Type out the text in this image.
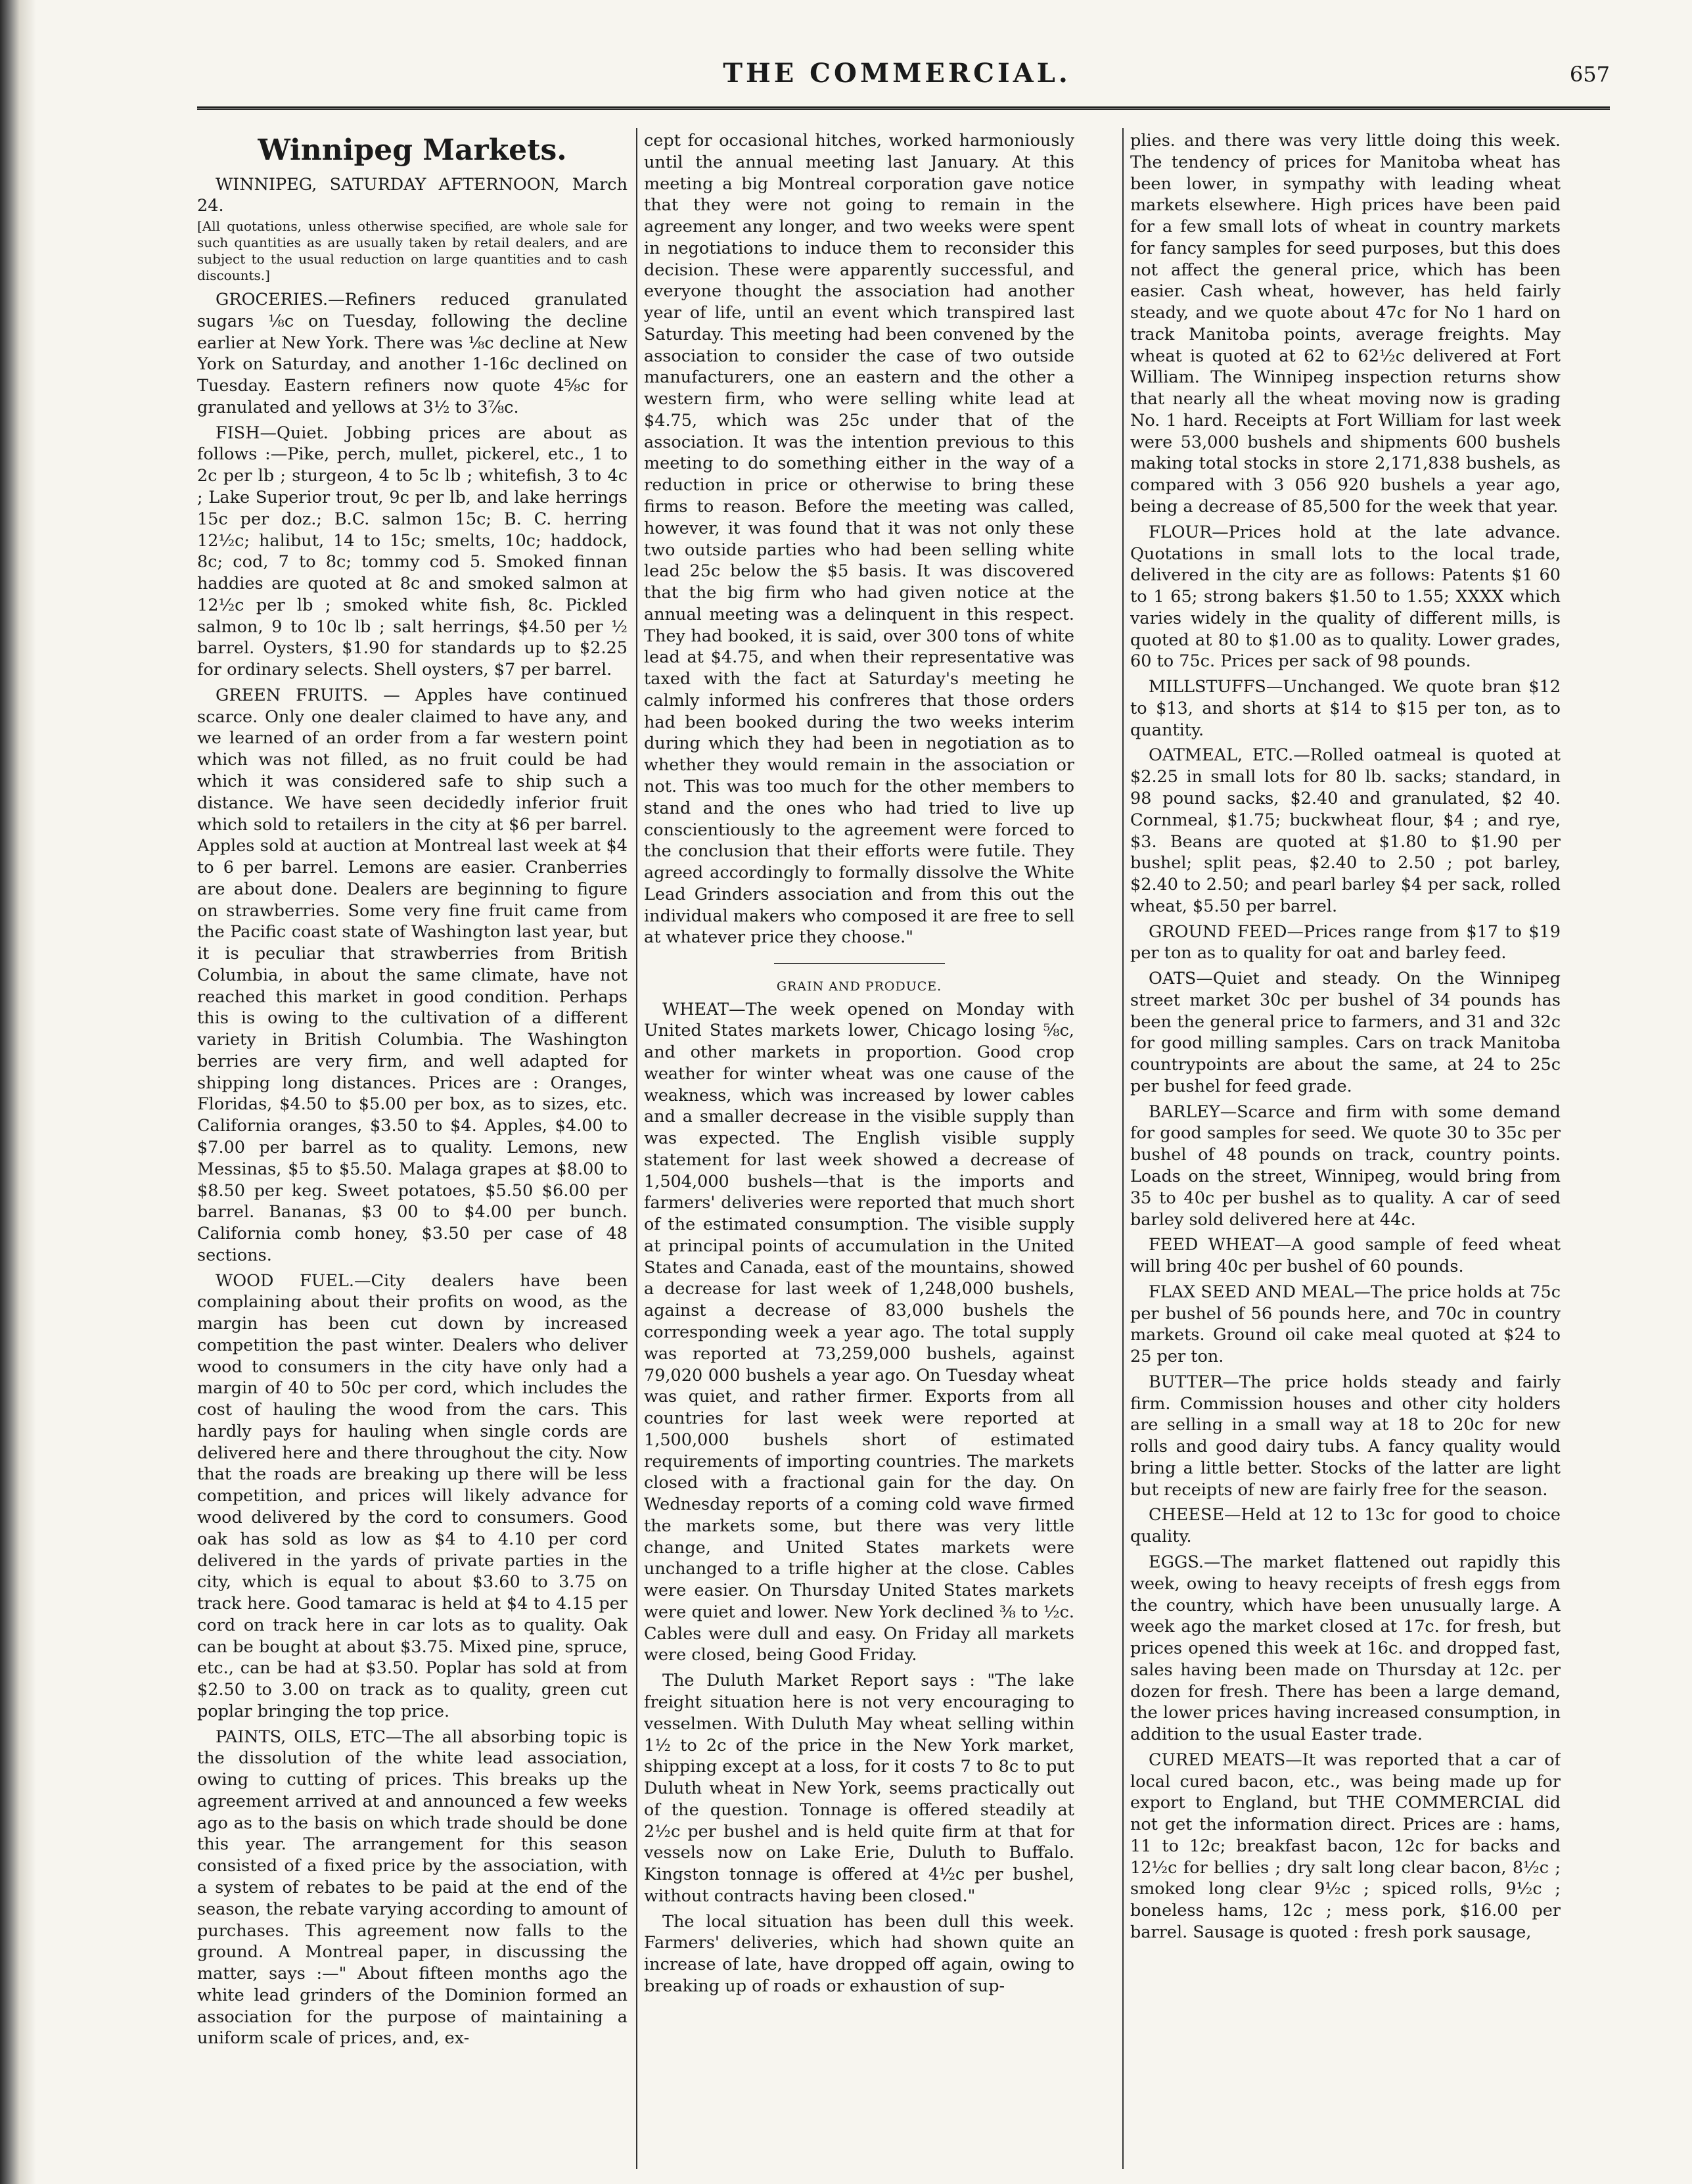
THE COMMERCIAL.	657
Winnipeg Markets.

WINNIPEG, SATURDAY AFTERNOON, March 24.

[All quotations, unless otherwise specified, are whole sale for such quantities as are usually taken by retail dealers, and are subject to the usual reduction on large quantities and to cash discounts.]

GROCERIES.—Refiners reduced granulated sugars ⅛c on Tuesday, following the decline earlier at New York. There was ⅛c decline at New York on Saturday, and another 1-16c declined on Tuesday. Eastern refiners now quote 4⅝c for granulated and yellows at 3½ to 3⅞c.

FISH—Quiet. Jobbing prices are about as follows :—Pike, perch, mullet, pickerel, etc., 1 to 2c per lb ; sturgeon, 4 to 5c lb ; whitefish, 3 to 4c ; Lake Superior trout, 9c per lb, and lake herrings 15c per doz.; B.C. salmon 15c; B. C. herring 12½c; halibut, 14 to 15c; smelts, 10c; haddock, 8c; cod, 7 to 8c; tommy cod 5. Smoked finnan haddies are quoted at 8c and smoked salmon at 12½c per lb ; smoked white fish, 8c. Pickled salmon, 9 to 10c lb ; salt herrings, $4.50 per ½ barrel. Oysters, $1.90 for standards up to $2.25 for ordinary selects. Shell oysters, $7 per barrel.

GREEN FRUITS. — Apples have continued scarce. Only one dealer claimed to have any, and we learned of an order from a far western point which was not filled, as no fruit could be had which it was considered safe to ship such a distance. We have seen decidedly inferior fruit which sold to retailers in the city at $6 per barrel. Apples sold at auction at Montreal last week at $4 to 6 per barrel. Lemons are easier. Cranberries are about done. Dealers are beginning to figure on strawberries. Some very fine fruit came from the Pacific coast state of Washington last year, but it is peculiar that strawberries from British Columbia, in about the same climate, have not reached this market in good condition. Perhaps this is owing to the cultivation of a different variety in British Columbia. The Washington berries are very firm, and well adapted for shipping long distances. Prices are : Oranges, Floridas, $4.50 to $5.00 per box, as to sizes, etc. California oranges, $3.50 to $4. Apples, $4.00 to $7.00 per barrel as to quality. Lemons, new Messinas, $5 to $5.50. Malaga grapes at $8.00 to $8.50 per keg. Sweet potatoes, $5.50 $6.00 per barrel. Bananas, $3 00 to $4.00 per bunch. California comb honey, $3.50 per case of 48 sections.

WOOD FUEL.—City dealers have been complaining about their profits on wood, as the margin has been cut down by increased competition the past winter. Dealers who deliver wood to consumers in the city have only had a margin of 40 to 50c per cord, which includes the cost of hauling the wood from the cars. This hardly pays for hauling when single cords are delivered here and there throughout the city. Now that the roads are breaking up there will be less competition, and prices will likely advance for wood delivered by the cord to consumers. Good oak has sold as low as $4 to 4.10 per cord delivered in the yards of private parties in the city, which is equal to about $3.60 to 3.75 on track here. Good tamarac is held at $4 to 4.15 per cord on track here in car lots as to quality. Oak can be bought at about $3.75. Mixed pine, spruce, etc., can be had at $3.50. Poplar has sold at from $2.50 to 3.00 on track as to quality, green cut poplar bringing the top price.

PAINTS, OILS, ETC—The all absorbing topic is the dissolution of the white lead association, owing to cutting of prices. This breaks up the agreement arrived at and announced a few weeks ago as to the basis on which trade should be done this year. The arrangement for this season consisted of a fixed price by the association, with a system of rebates to be paid at the end of the season, the rebate varying according to amount of purchases. This agreement now falls to the ground. A Montreal paper, in discussing the matter, says :—" About fifteen months ago the white lead grinders of the Dominion formed an association for the purpose of maintaining a uniform scale of prices, and, ex-

cept for occasional hitches, worked harmoniously until the annual meeting last January. At this meeting a big Montreal corporation gave notice that they were not going to remain in the agreement any longer, and two weeks were spent in negotiations to induce them to reconsider this decision. These were apparently successful, and everyone thought the association had another year of life, until an event which transpired last Saturday. This meeting had been convened by the association to consider the case of two outside manufacturers, one an eastern and the other a western firm, who were selling white lead at $4.75, which was 25c under that of the association. It was the intention previous to this meeting to do something either in the way of a reduction in price or otherwise to bring these firms to reason. Before the meeting was called, however, it was found that it was not only these two outside parties who had been selling white lead 25c below the $5 basis. It was discovered that the big firm who had given notice at the annual meeting was a delinquent in this respect. They had booked, it is said, over 300 tons of white lead at $4.75, and when their representative was taxed with the fact at Saturday's meeting he calmly informed his confreres that those orders had been booked during the two weeks interim during which they had been in negotiation as to whether they would remain in the association or not. This was too much for the other members to stand and the ones who had tried to live up conscientiously to the agreement were forced to the conclusion that their efforts were futile. They agreed accordingly to formally dissolve the White Lead Grinders association and from this out the individual makers who composed it are free to sell at whatever price they choose."

GRAIN AND PRODUCE.

WHEAT—The week opened on Monday with United States markets lower, Chicago losing ⅝c, and other markets in proportion. Good crop weather for winter wheat was one cause of the weakness, which was increased by lower cables and a smaller decrease in the visible supply than was expected. The English visible supply statement for last week showed a decrease of 1,504,000 bushels—that is the imports and farmers' deliveries were reported that much short of the estimated consumption. The visible supply at principal points of accumulation in the United States and Canada, east of the mountains, showed a decrease for last week of 1,248,000 bushels, against a decrease of 83,000 bushels the corresponding week a year ago. The total supply was reported at 73,259,000 bushels, against 79,020 000 bushels a year ago. On Tuesday wheat was quiet, and rather firmer. Exports from all countries for last week were reported at 1,500,000 bushels short of estimated requirements of importing countries. The markets closed with a fractional gain for the day. On Wednesday reports of a coming cold wave firmed the markets some, but there was very little change, and United States markets were unchanged to a trifle higher at the close. Cables were easier. On Thursday United States markets were quiet and lower. New York declined ⅜ to ½c. Cables were dull and easy. On Friday all markets were closed, being Good Friday.

The Duluth Market Report says : "The lake freight situation here is not very encouraging to vesselmen. With Duluth May wheat selling within 1½ to 2c of the price in the New York market, shipping except at a loss, for it costs 7 to 8c to put Duluth wheat in New York, seems practically out of the question. Tonnage is offered steadily at 2½c per bushel and is held quite firm at that for vessels now on Lake Erie, Duluth to Buffalo. Kingston tonnage is offered at 4½c per bushel, without contracts having been closed."

The local situation has been dull this week. Farmers' deliveries, which had shown quite an increase of late, have dropped off again, owing to breaking up of roads or exhaustion of sup-

plies. and there was very little doing this week. The tendency of prices for Manitoba wheat has been lower, in sympathy with leading wheat markets elsewhere. High prices have been paid for a few small lots of wheat in country markets for fancy samples for seed purposes, but this does not affect the general price, which has been easier. Cash wheat, however, has held fairly steady, and we quote about 47c for No 1 hard on track Manitoba points, average freights. May wheat is quoted at 62 to 62½c delivered at Fort William. The Winnipeg inspection returns show that nearly all the wheat moving now is grading No. 1 hard. Receipts at Fort William for last week were 53,000 bushels and shipments 600 bushels making total stocks in store 2,171,838 bushels, as compared with 3 056 920 bushels a year ago, being a decrease of 85,500 for the week that year.

FLOUR—Prices hold at the late advance. Quotations in small lots to the local trade, delivered in the city are as follows: Patents $1 60 to 1 65; strong bakers $1.50 to 1.55; XXXX which varies widely in the quality of different mills, is quoted at 80 to $1.00 as to quality. Lower grades, 60 to 75c. Prices per sack of 98 pounds.

MILLSTUFFS—Unchanged. We quote bran $12 to $13, and shorts at $14 to $15 per ton, as to quantity.

OATMEAL, ETC.—Rolled oatmeal is quoted at $2.25 in small lots for 80 lb. sacks; standard, in 98 pound sacks, $2.40 and granulated, $2 40. Cornmeal, $1.75; buckwheat flour, $4 ; and rye, $3. Beans are quoted at $1.80 to $1.90 per bushel; split peas, $2.40 to 2.50 ; pot barley, $2.40 to 2.50; and pearl barley $4 per sack, rolled wheat, $5.50 per barrel.

GROUND FEED—Prices range from $17 to $19 per ton as to quality for oat and barley feed.

OATS—Quiet and steady. On the Winnipeg street market 30c per bushel of 34 pounds has been the general price to farmers, and 31 and 32c for good milling samples. Cars on track Manitoba countrypoints are about the same, at 24 to 25c per bushel for feed grade.

BARLEY—Scarce and firm with some demand for good samples for seed. We quote 30 to 35c per bushel of 48 pounds on track, country points. Loads on the street, Winnipeg, would bring from 35 to 40c per bushel as to quality. A car of seed barley sold delivered here at 44c.

FEED WHEAT—A good sample of feed wheat will bring 40c per bushel of 60 pounds.

FLAX SEED AND MEAL—The price holds at 75c per bushel of 56 pounds here, and 70c in country markets. Ground oil cake meal quoted at $24 to 25 per ton.

BUTTER—The price holds steady and fairly firm. Commission houses and other city holders are selling in a small way at 18 to 20c for new rolls and good dairy tubs. A fancy quality would bring a little better. Stocks of the latter are light but receipts of new are fairly free for the season.

CHEESE—Held at 12 to 13c for good to choice quality.

EGGS.—The market flattened out rapidly this week, owing to heavy receipts of fresh eggs from the country, which have been unusually large. A week ago the market closed at 17c. for fresh, but prices opened this week at 16c. and dropped fast, sales having been made on Thursday at 12c. per dozen for fresh. There has been a large demand, the lower prices having increased consumption, in addition to the usual Easter trade.

CURED MEATS—It was reported that a car of local cured bacon, etc., was being made up for export to England, but THE COMMERCIAL did not get the information direct. Prices are : hams, 11 to 12c; breakfast bacon, 12c for backs and 12½c for bellies ; dry salt long clear bacon, 8½c ; smoked long clear 9½c ; spiced rolls, 9½c ; boneless hams, 12c ; mess pork, $16.00 per barrel. Sausage is quoted : fresh pork sausage,
